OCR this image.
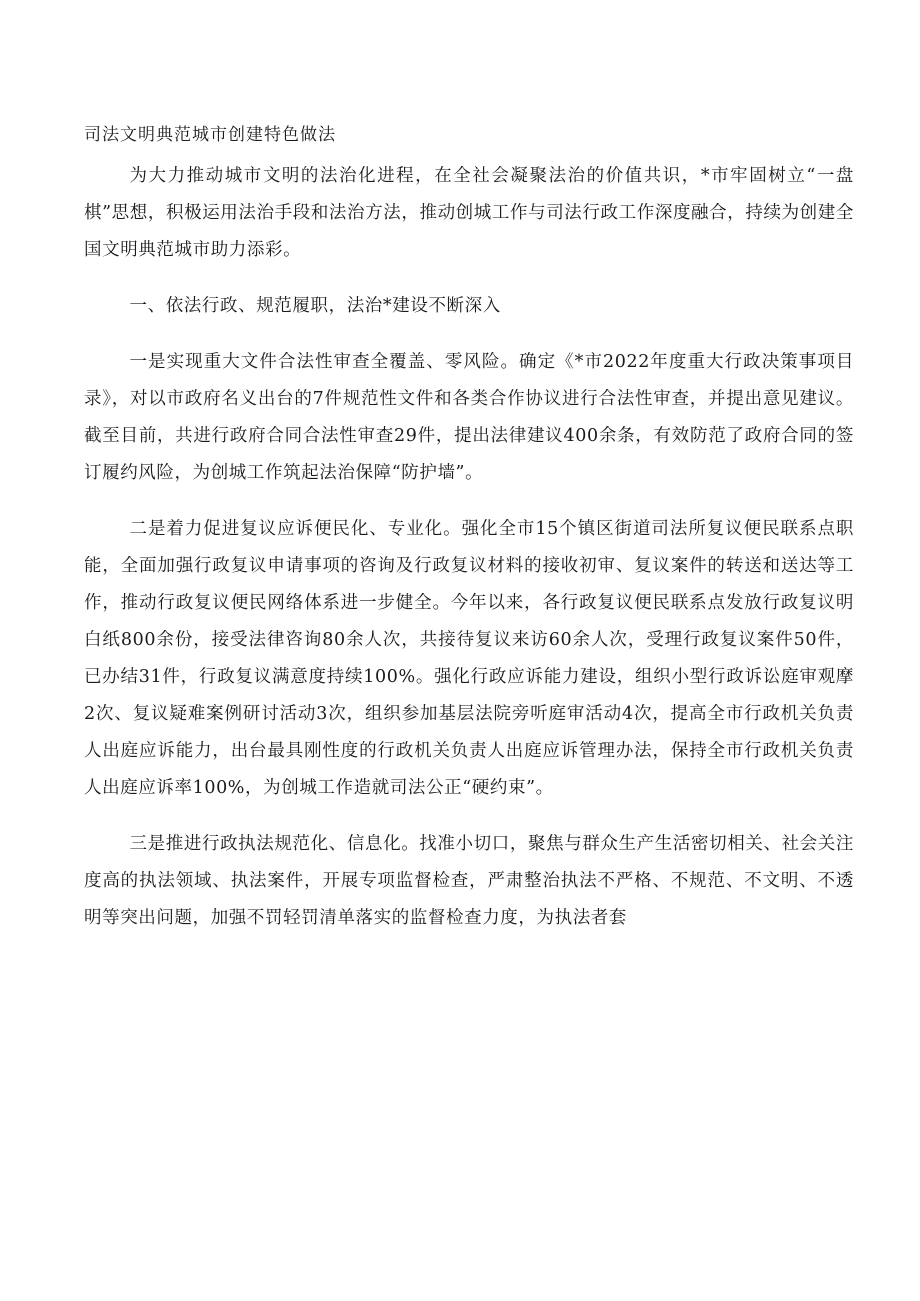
司法文明典范城市创建特色做法

为大力推动城市文明的法治化进程，在全社会凝聚法治的价值共识，*市牢固树立“一盘棋”思想，积极运用法治手段和法治方法，推动创城工作与司法行政工作深度融合，持续为创建全国文明典范城市助力添彩。

一、依法行政、规范履职，法治*建设不断深入

一是实现重大文件合法性审查全覆盖、零风险。确定《*市2022年度重大行政决策事项目录》，对以市政府名义出台的7件规范性文件和各类合作协议进行合法性审查，并提出意见建议。截至目前，共进行政府合同合法性审查29件，提出法律建议400余条，有效防范了政府合同的签订履约风险，为创城工作筑起法治保障“防护墙”。

二是着力促进复议应诉便民化、专业化。强化全市15个镇区街道司法所复议便民联系点职能，全面加强行政复议申请事项的咨询及行政复议材料的接收初审、复议案件的转送和送达等工作，推动行政复议便民网络体系进一步健全。今年以来，各行政复议便民联系点发放行政复议明白纸800余份，接受法律咨询80余人次，共接待复议来访60余人次，受理行政复议案件50件，已办结31件，行政复议满意度持续100%。强化行政应诉能力建设，组织小型行政诉讼庭审观摩2次、复议疑难案例研讨活动3次，组织参加基层法院旁听庭审活动4次，提高全市行政机关负责人出庭应诉能力，出台最具刚性度的行政机关负责人出庭应诉管理办法，保持全市行政机关负责人出庭应诉率100%，为创城工作造就司法公正“硬约束”。

三是推进行政执法规范化、信息化。找准小切口，聚焦与群众生产生活密切相关、社会关注度高的执法领域、执法案件，开展专项监督检查，严肃整治执法不严格、不规范、不文明、不透明等突出问题，加强不罚轻罚清单落实的监督检查力度，为执法者套
